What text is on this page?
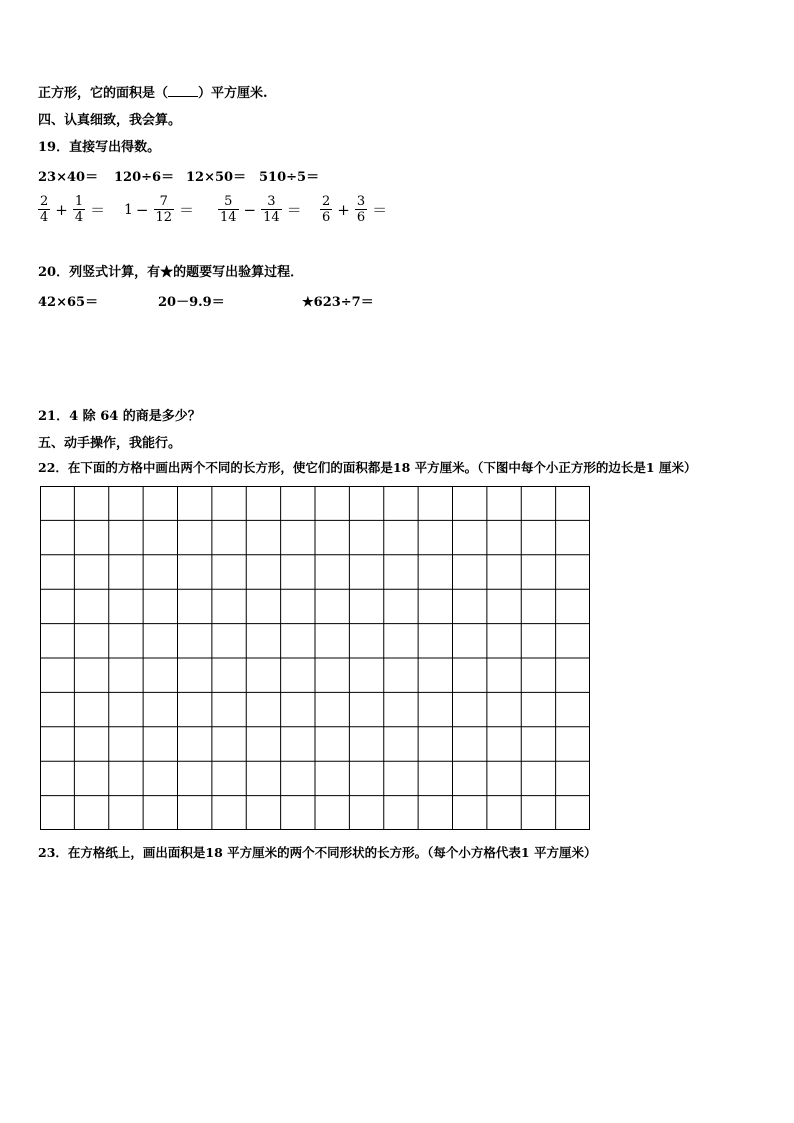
正方形，它的面积是（ ）平方厘米.
四、认真细致，我会算。
19．直接写出得数。
23×40＝ 120÷6＝ 12×50＝ 510÷5＝
$\frac{2}{4} + \frac{1}{4} = 1 - \frac{7}{12} = \frac{5}{14} - \frac{3}{14} = \frac{2}{6} + \frac{3}{6}$ ＝
20．列竖式计算，有★的题要写出验算过程．
42×65＝	20－9.9＝	★623÷7＝
21．4 除 64 的商是多少？
五、动手操作，我能行。
22．在下面的方格中画出两个不同的长方形，使它们的面积都是18 平方厘米。（下图中每个小正方形的边长是1 厘米）
23．在方格纸上，画出面积是18 平方厘米的两个不同形状的长方形。（每个小方格代表1 平方厘米）
